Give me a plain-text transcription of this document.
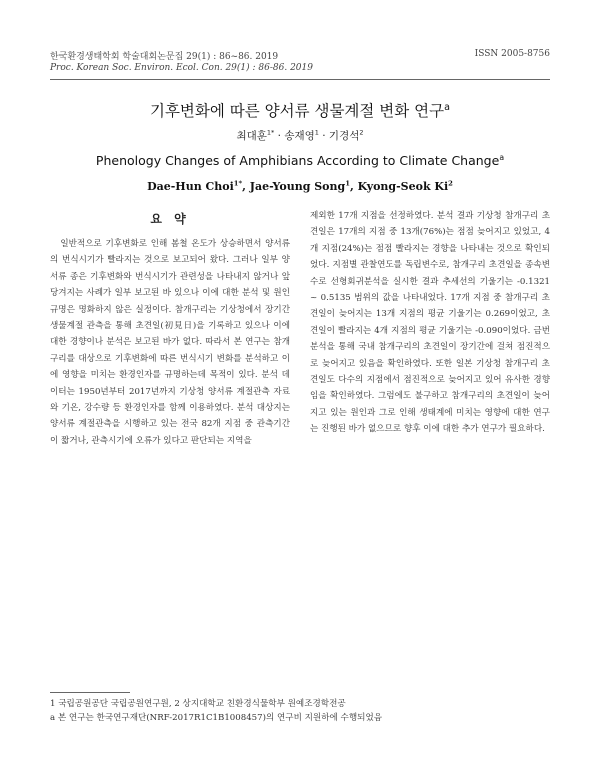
한국환경생태학회 학술대회논문집 29(1) : 86~86. 2019	ISSN 2005-8756
Proc. Korean Soc. Environ. Ecol. Con. 29(1) : 86-86. 2019
기후변화에 따른 양서류 생물계절 변화 연구$^a$
최대훈$^{1*}$ · 송재영$^1$ · 기경석$^2$
Phenology Changes of Amphibians According to Climate Change$^a$
Dae-Hun Choi$^{1*}$, Jae-Young Song$^1$, Kyong-Seok Ki$^2$
요 약
일반적으로 기후변화로 인해 봄철 온도가 상승하면서 양서류의 번식시기가 빨라지는 것으로 보고되어 왔다. 그러나 일부 양서류 종은 기후변화와 번식시기가 관련성을 나타내지 않거나 앞당겨지는 사례가 일부 보고된 바 있으나 이에 대한 분석 및 원인 규명은 명화하지 않은 실정이다. 참개구리는 기상청에서 장기간 생물계절 관측을 통해 초견일(初見日)을 기록하고 있으나 이에 대한 경향이나 분석은 보고된 바가 없다. 따라서 본 연구는 참개구리를 대상으로 기후변화에 따른 번식시기 변화를 분석하고 이에 영향을 미치는 환경인자를 규명하는데 목적이 있다. 분석 데이터는 1950년부터 2017년까지 기상청 양서류 계절관측 자료와 기온, 강수량 등 환경인자를 함께 이용하였다. 분석 대상지는 양서류 계절관측을 시행하고 있는 전국 82개 지점 중 관측기간이 짧거나, 관측시기에 오류가 있다고 판단되는 지역을
제외한 17개 지점을 선정하였다. 분석 결과 기상청 참개구리 초견일은 17개의 지점 중 13개(76%)는 점점 늦어지고 있었고, 4개 지점(24%)는 점점 빨라지는 경향을 나타내는 것으로 확인되었다. 지점별 관찰연도를 독립변수로, 참개구리 초견일을 종속변수로 선형회귀분석을 실시한 결과 추세선의 기울기는 -0.1321 ~ 0.5135 범위의 값을 나타내었다. 17개 지점 중 참개구리 초견일이 늦어지는 13개 지점의 평균 기울기는 0.269이었고, 초견일이 빨라지는 4개 지점의 평균 기울기는 -0.090이었다. 금번 분석을 통해 국내 참개구리의 초견일이 장기간에 걸쳐 점진적으로 늦어지고 있음을 확인하였다. 또한 일본 기상청 참개구리 초견일도 다수의 지점에서 점진적으로 늦어지고 있어 유사한 경향임을 확인하였다. 그럼에도 불구하고 참개구리의 초견일이 늦어지고 있는 원인과 그로 인해 생태계에 미치는 영향에 대한 연구는 진행된 바가 없으므로 향후 이에 대한 추가 연구가 필요하다.
1 국립공원공단 국립공원연구원, 2 상지대학교 친환경식물학부 원예조경학전공
a 본 연구는 한국연구재단(NRF-2017R1C1B1008457)의 연구비 지원하에 수행되었음
